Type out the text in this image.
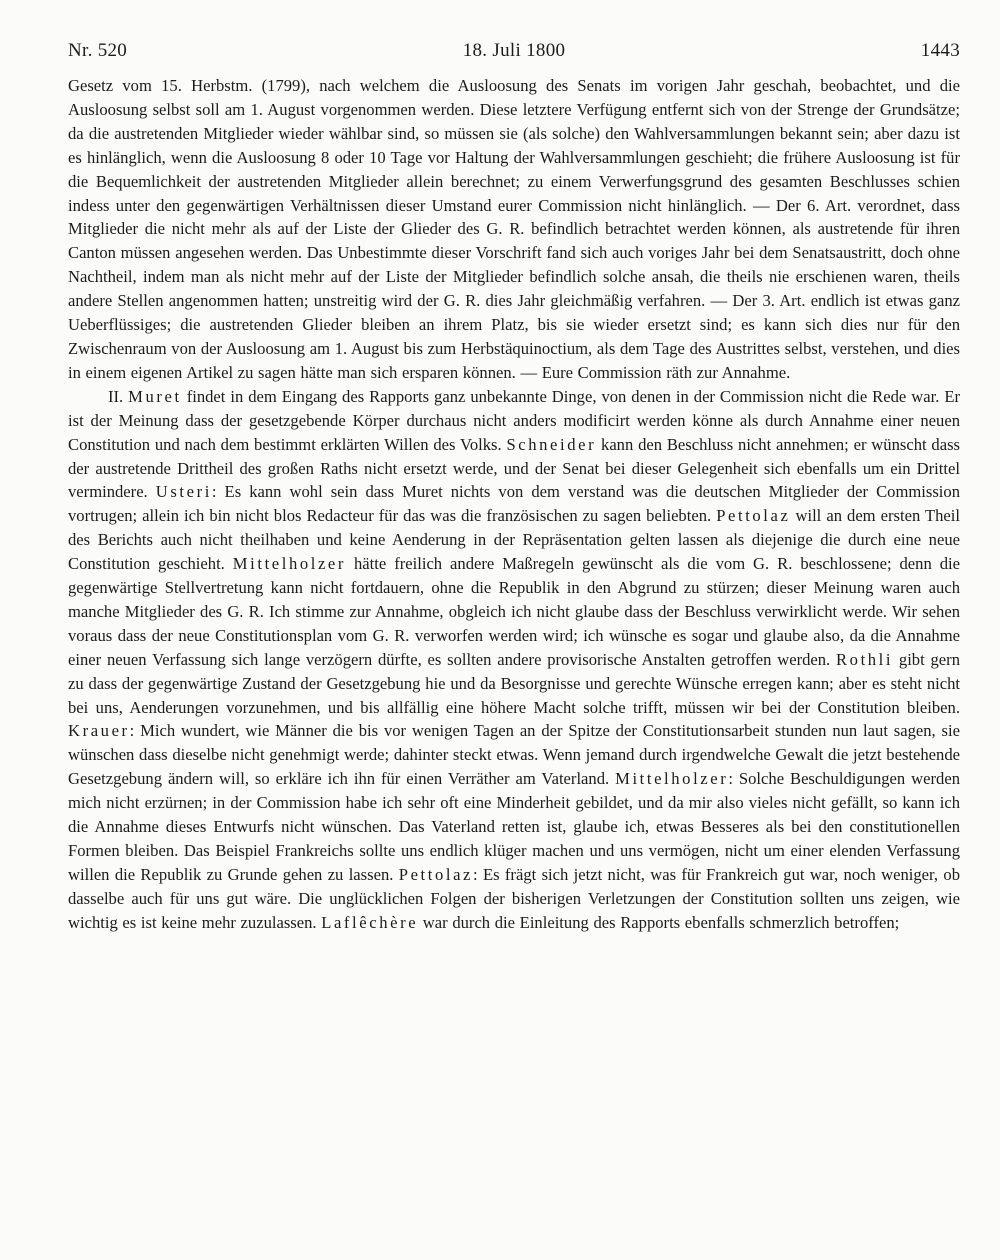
Nr. 520	18. Juli 1800	1443

Gesetz vom 15. Herbstm. (1799), nach welchem die Ausloosung des Senats im vorigen Jahr geschah, beobachtet, und die Ausloosung selbst soll am 1. August vorgenommen werden. Diese letztere Verfügung entfernt sich von der Strenge der Grundsätze; da die austretenden Mitglieder wieder wählbar sind, so müssen sie (als solche) den Wahlversammlungen bekannt sein; aber dazu ist es hinlänglich, wenn die Ausloosung 8 oder 10 Tage vor Haltung der Wahlversammlungen geschieht; die frühere Ausloosung ist für die Bequemlichkeit der austretenden Mitglieder allein berechnet; zu einem Verwerfungsgrund des gesamten Beschlusses schien indess unter den gegenwärtigen Verhältnissen dieser Umstand eurer Commission nicht hinlänglich. — Der 6. Art. verordnet, dass Mitglieder die nicht mehr als auf der Liste der Glieder des G. R. befindlich betrachtet werden können, als austretende für ihren Canton müssen angesehen werden. Das Unbestimmte dieser Vorschrift fand sich auch voriges Jahr bei dem Senatsaustritt, doch ohne Nachtheil, indem man als nicht mehr auf der Liste der Mitglieder befindlich solche ansah, die theils nie erschienen waren, theils andere Stellen angenommen hatten; unstreitig wird der G. R. dies Jahr gleichmäßig verfahren. — Der 3. Art. endlich ist etwas ganz Ueberflüssiges; die austretenden Glieder bleiben an ihrem Platz, bis sie wieder ersetzt sind; es kann sich dies nur für den Zwischenraum von der Ausloosung am 1. August bis zum Herbstäquinoctium, als dem Tage des Austrittes selbst, verstehen, und dies in einem eigenen Artikel zu sagen hätte man sich ersparen können. — Eure Commission räth zur Annahme.

II. Muret findet in dem Eingang des Rapports ganz unbekannte Dinge, von denen in der Commission nicht die Rede war. Er ist der Meinung dass der gesetzgebende Körper durchaus nicht anders modificirt werden könne als durch Annahme einer neuen Constitution und nach dem bestimmt erklärten Willen des Volks. Schneider kann den Beschluss nicht annehmen; er wünscht dass der austretende Drittheil des großen Raths nicht ersetzt werde, und der Senat bei dieser Gelegenheit sich ebenfalls um ein Drittel vermindere. Usteri: Es kann wohl sein dass Muret nichts von dem verstand was die deutschen Mitglieder der Commission vortrugen; allein ich bin nicht blos Redacteur für das was die französischen zu sagen beliebten. Pettolaz will an dem ersten Theil des Berichts auch nicht theilhaben und keine Aenderung in der Repräsentation gelten lassen als diejenige die durch eine neue Constitution geschieht. Mittelholzer hätte freilich andere Maßregeln gewünscht als die vom G. R. beschlossene; denn die gegenwärtige Stellvertretung kann nicht fortdauern, ohne die Republik in den Abgrund zu stürzen; dieser Meinung waren auch manche Mitglieder des G. R. Ich stimme zur Annahme, obgleich ich nicht glaube dass der Beschluss verwirklicht werde. Wir sehen voraus dass der neue Constitutionsplan vom G. R. verworfen werden wird; ich wünsche es sogar und glaube also, da die Annahme einer neuen Verfassung sich lange verzögern dürfte, es sollten andere provisorische Anstalten getroffen werden. Rothli gibt gern zu dass der gegenwärtige Zustand der Gesetzgebung hie und da Besorgnisse und gerechte Wünsche erregen kann; aber es steht nicht bei uns, Aenderungen vorzunehmen, und bis allfällig eine höhere Macht solche trifft, müssen wir bei der Constitution bleiben. Krauer: Mich wundert, wie Männer die bis vor wenigen Tagen an der Spitze der Constitutionsarbeit stunden nun laut sagen, sie wünschen dass dieselbe nicht genehmigt werde; dahinter steckt etwas. Wenn jemand durch irgendwelche Gewalt die jetzt bestehende Gesetzgebung ändern will, so erkläre ich ihn für einen Verräther am Vaterland. Mittelholzer: Solche Beschuldigungen werden mich nicht erzürnen; in der Commission habe ich sehr oft eine Minderheit gebildet, und da mir also vieles nicht gefällt, so kann ich die Annahme dieses Entwurfs nicht wünschen. Das Vaterland retten ist, glaube ich, etwas Besseres als bei den constitutionellen Formen bleiben. Das Beispiel Frankreichs sollte uns endlich klüger machen und uns vermögen, nicht um einer elenden Verfassung willen die Republik zu Grunde gehen zu lassen. Pettolaz: Es frägt sich jetzt nicht, was für Frankreich gut war, noch weniger, ob dasselbe auch für uns gut wäre. Die unglücklichen Folgen der bisherigen Verletzungen der Constitution sollten uns zeigen, wie wichtig es ist keine mehr zuzulassen. Laflêchère war durch die Einleitung des Rapports ebenfalls schmerzlich betroffen;
